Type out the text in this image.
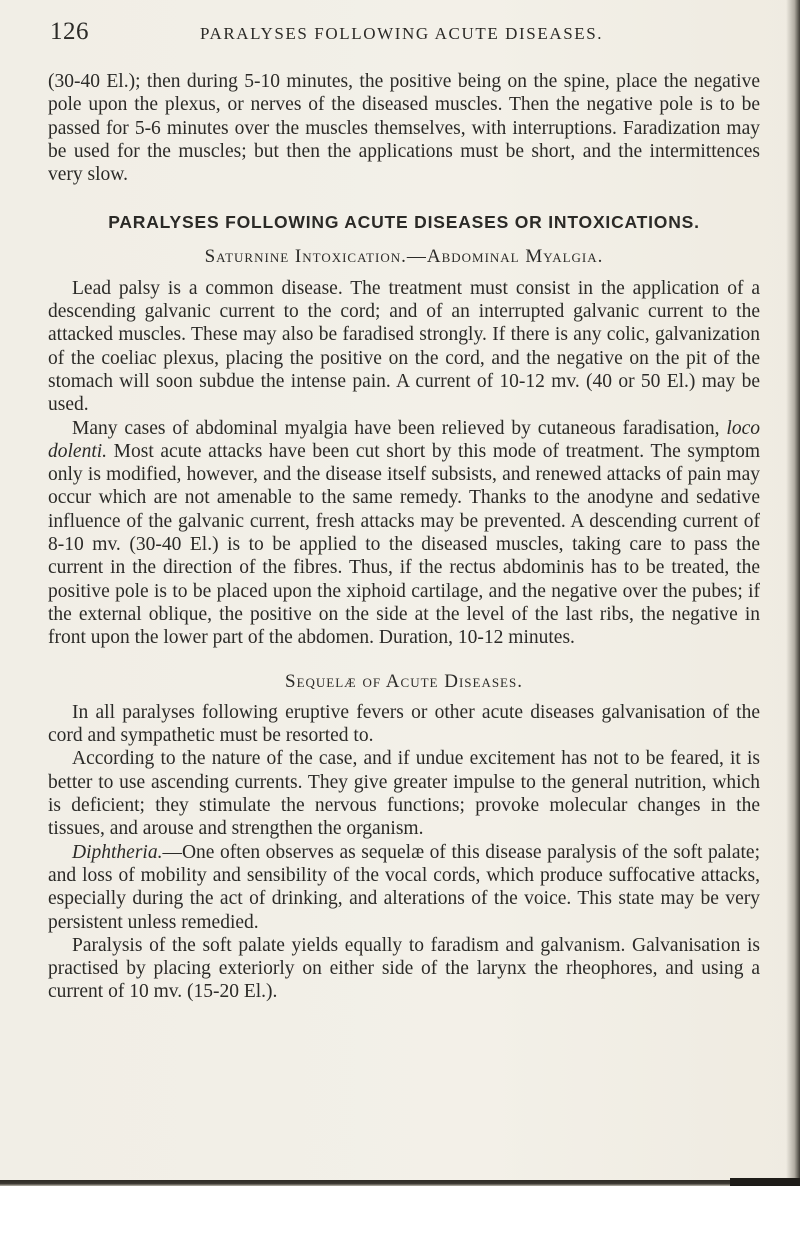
126	PARALYSES FOLLOWING ACUTE DISEASES.

(30-40 El.); then during 5-10 minutes, the positive being on the spine, place the negative pole upon the plexus, or nerves of the diseased muscles. Then the negative pole is to be passed for 5-6 minutes over the muscles themselves, with interruptions. Faradization may be used for the muscles; but then the applications must be short, and the intermittences very slow.

PARALYSES FOLLOWING ACUTE DISEASES OR INTOXICATIONS.
Saturnine Intoxication.—Abdominal Myalgia.

Lead palsy is a common disease. The treatment must consist in the application of a descending galvanic current to the cord; and of an interrupted galvanic current to the attacked muscles. These may also be faradised strongly. If there is any colic, galvanization of the coeliac plexus, placing the positive on the cord, and the negative on the pit of the stomach will soon subdue the intense pain. A current of 10-12 mv. (40 or 50 El.) may be used.

Many cases of abdominal myalgia have been relieved by cutaneous faradisation, loco dolenti. Most acute attacks have been cut short by this mode of treatment. The symptom only is modified, however, and the disease itself subsists, and renewed attacks of pain may occur which are not amenable to the same remedy. Thanks to the anodyne and sedative influence of the galvanic current, fresh attacks may be prevented. A descending current of 8-10 mv. (30-40 El.) is to be applied to the diseased muscles, taking care to pass the current in the direction of the fibres. Thus, if the rectus abdominis has to be treated, the positive pole is to be placed upon the xiphoid cartilage, and the negative over the pubes; if the external oblique, the positive on the side at the level of the last ribs, the negative in front upon the lower part of the abdomen. Duration, 10-12 minutes.

Sequelæ of Acute Diseases.

In all paralyses following eruptive fevers or other acute diseases galvanisation of the cord and sympathetic must be resorted to.

According to the nature of the case, and if undue excitement has not to be feared, it is better to use ascending currents. They give greater impulse to the general nutrition, which is deficient; they stimulate the nervous functions; provoke molecular changes in the tissues, and arouse and strengthen the organism.

Diphtheria.—One often observes as sequelæ of this disease paralysis of the soft palate; and loss of mobility and sensibility of the vocal cords, which produce suffocative attacks, especially during the act of drinking, and alterations of the voice. This state may be very persistent unless remedied.

Paralysis of the soft palate yields equally to faradism and galvanism. Galvanisation is practised by placing exteriorly on either side of the larynx the rheophores, and using a current of 10 mv. (15-20 El.).
